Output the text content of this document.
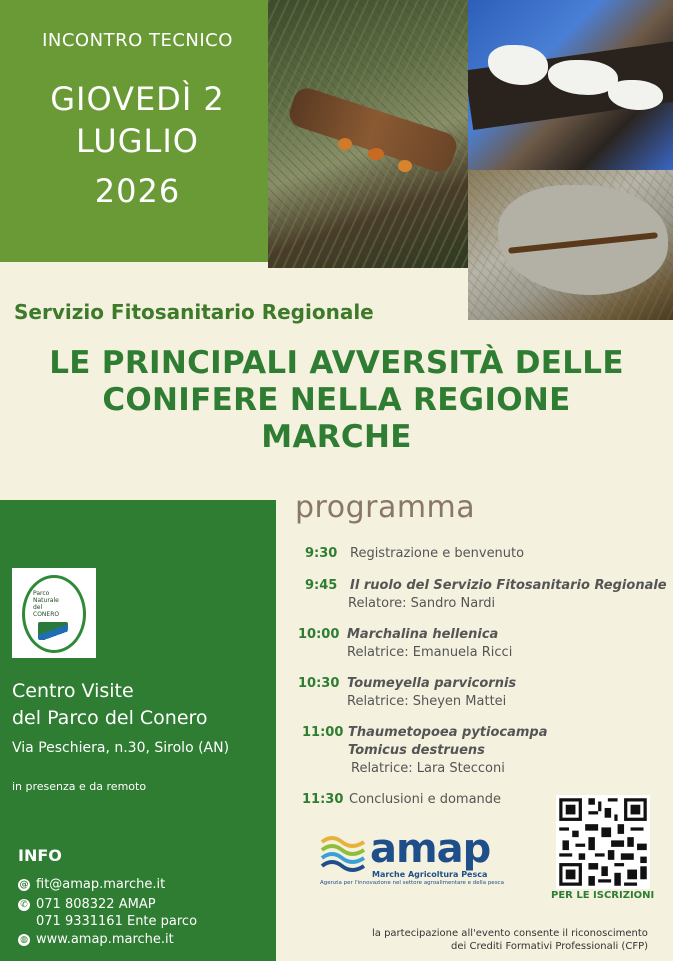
INCONTRO TECNICO
GIOVEDÌ 2
LUGLIO
2026
Servizio Fitosanitario Regionale
LE PRINCIPALI AVVERSITÀ DELLE
CONIFERE NELLA REGIONE
MARCHE
Parco Naturale
del
CONERO
Centro Visite
del Parco del Conero
Via Peschiera, n.30, Sirolo (AN)
in presenza e da remoto
INFO
@ fit@amap.marche.it
✆ 071 808322 AMAP
071 9331161 Ente parco
◍ www.amap.marche.it
programma
9:30 Registrazione e benvenuto
9:45 Il ruolo del Servizio Fitosanitario Regionale
Relatore: Sandro Nardi
10:00 Marchalina hellenica
Relatrice: Emanuela Ricci
10:30 Toumeyella parvicornis
Relatrice: Sheyen Mattei
11:00 Thaumetopoea pytiocampa
Tomicus destruens
Relatrice: Lara Stecconi
11:30 Conclusioni e domande
amap
Marche Agricoltura Pesca
Agenzia per l'innovazione nel settore agroalimentare e della pesca
PER LE ISCRIZIONI
la partecipazione all'evento consente il riconoscimento
dei Crediti Formativi Professionali (CFP)
